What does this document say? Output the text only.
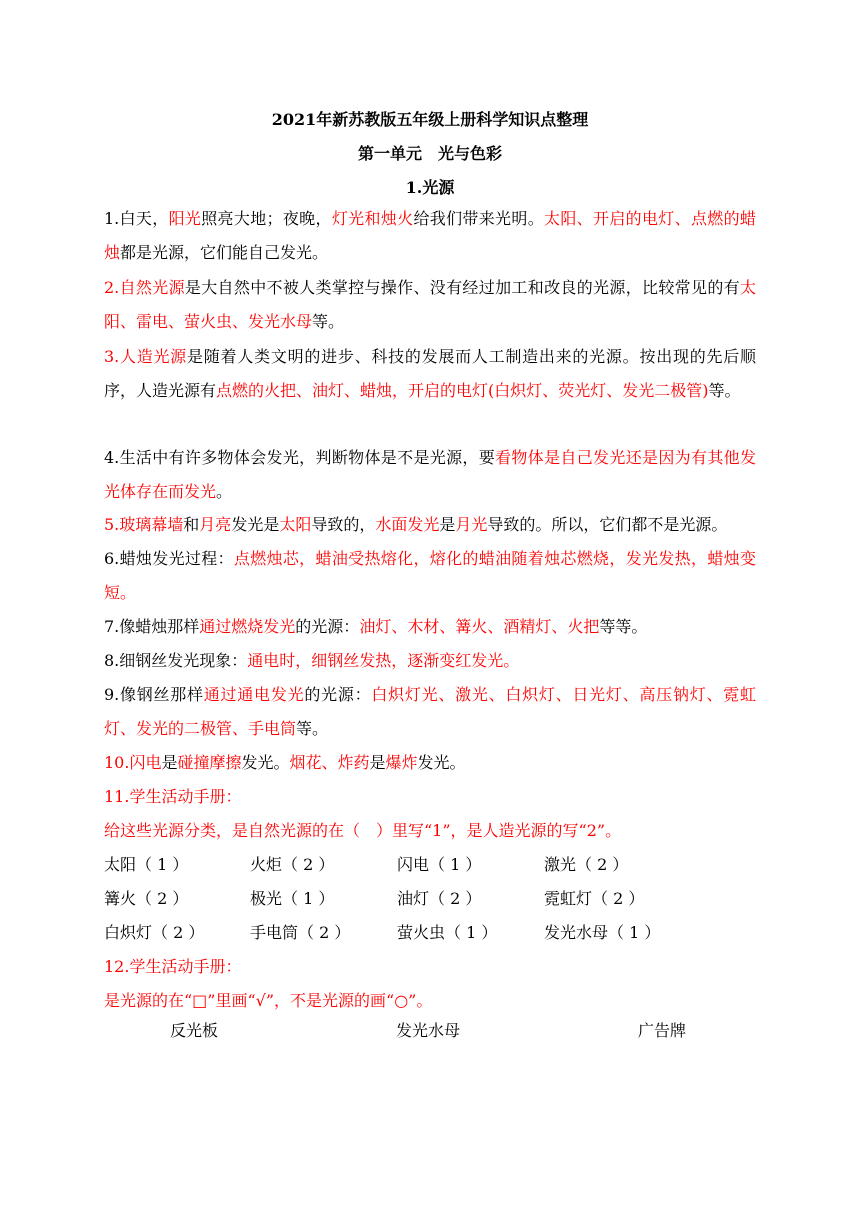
2021年新苏教版五年级上册科学知识点整理
第一单元　光与色彩
1.光源
1.白天，阳光照亮大地；夜晚，灯光和烛火给我们带来光明。太阳、开启的电灯、点燃的蜡烛都是光源，它们能自己发光。
2.自然光源是大自然中不被人类掌控与操作、没有经过加工和改良的光源，比较常见的有太阳、雷电、萤火虫、发光水母等。
3.人造光源是随着人类文明的进步、科技的发展而人工制造出来的光源。按出现的先后顺序，人造光源有点燃的火把、油灯、蜡烛，开启的电灯(白炽灯、荧光灯、发光二极管)等。
4.生活中有许多物体会发光，判断物体是不是光源，要看物体是自己发光还是因为有其他发光体存在而发光。
5.玻璃幕墙和月亮发光是太阳导致的，水面发光是月光导致的。所以，它们都不是光源。
6.蜡烛发光过程：点燃烛芯，蜡油受热熔化，熔化的蜡油随着烛芯燃烧，发光发热，蜡烛变短。
7.像蜡烛那样通过燃烧发光的光源：油灯、木材、篝火、酒精灯、火把等等。
8.细钢丝发光现象：通电时，细钢丝发热，逐渐变红发光。
9.像钢丝那样通过通电发光的光源：白炽灯光、激光、白炽灯、日光灯、高压钠灯、霓虹灯、发光的二极管、手电筒等。
10.闪电是碰撞摩擦发光。烟花、炸药是爆炸发光。
11.学生活动手册：
给这些光源分类，是自然光源的在（　）里写“1”，是人造光源的写“2”。
太阳（ 1 ）	火炬（ 2 ）	闪电（ 1 ）	激光（ 2 ）
篝火（ 2 ）	极光（ 1 ）	油灯（ 2 ）	霓虹灯（ 2 ）
白炽灯（ 2 ）	手电筒（ 2 ）	萤火虫（ 1 ）	发光水母（ 1 ）
12.学生活动手册：
是光源的在“□”里画“√”，不是光源的画“○”。
反光板	发光水母	广告牌
